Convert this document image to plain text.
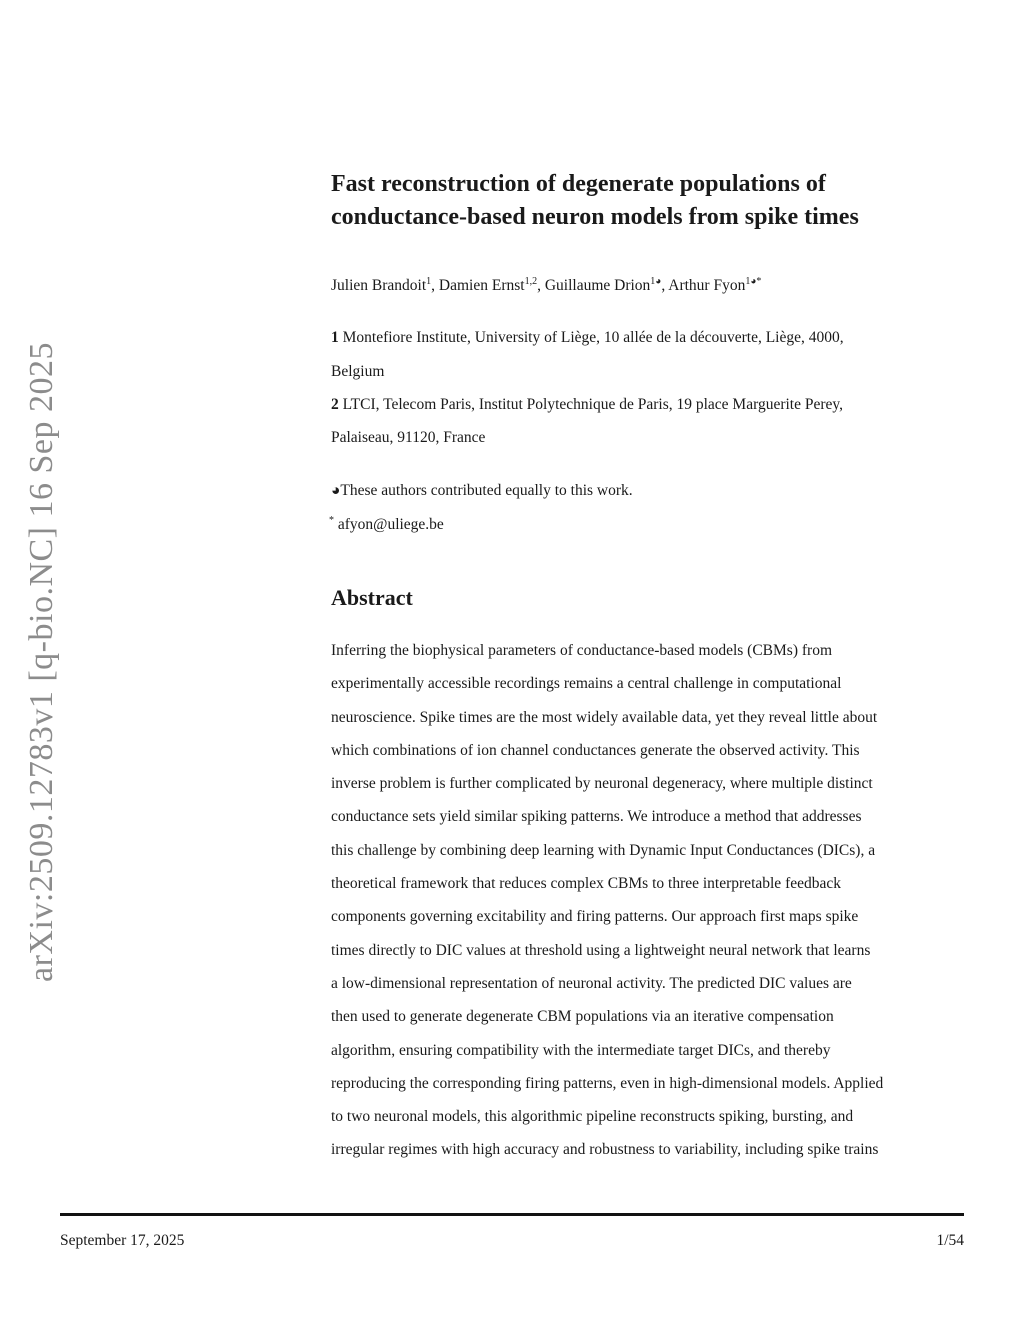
arXiv:2509.12783v1 [q-bio.NC] 16 Sep 2025
Fast reconstruction of degenerate populations of
conductance-based neuron models from spike times
Julien Brandoit$^1$, Damien Ernst$^{1,2}$, Guillaume Drion$^{1◕}$, Arthur Fyon$^{1◕*}$
1 Montefiore Institute, University of Liège, 10 allée de la découverte, Liège, 4000,
Belgium
2 LTCI, Telecom Paris, Institut Polytechnique de Paris, 19 place Marguerite Perey,
Palaiseau, 91120, France
◕These authors contributed equally to this work.
* afyon@uliege.be
Abstract
Inferring the biophysical parameters of conductance-based models (CBMs) from
experimentally accessible recordings remains a central challenge in computational
neuroscience. Spike times are the most widely available data, yet they reveal little about
which combinations of ion channel conductances generate the observed activity. This
inverse problem is further complicated by neuronal degeneracy, where multiple distinct
conductance sets yield similar spiking patterns. We introduce a method that addresses
this challenge by combining deep learning with Dynamic Input Conductances (DICs), a
theoretical framework that reduces complex CBMs to three interpretable feedback
components governing excitability and firing patterns. Our approach first maps spike
times directly to DIC values at threshold using a lightweight neural network that learns
a low-dimensional representation of neuronal activity. The predicted DIC values are
then used to generate degenerate CBM populations via an iterative compensation
algorithm, ensuring compatibility with the intermediate target DICs, and thereby
reproducing the corresponding firing patterns, even in high-dimensional models. Applied
to two neuronal models, this algorithmic pipeline reconstructs spiking, bursting, and
irregular regimes with high accuracy and robustness to variability, including spike trains
September 17, 2025	1/54
